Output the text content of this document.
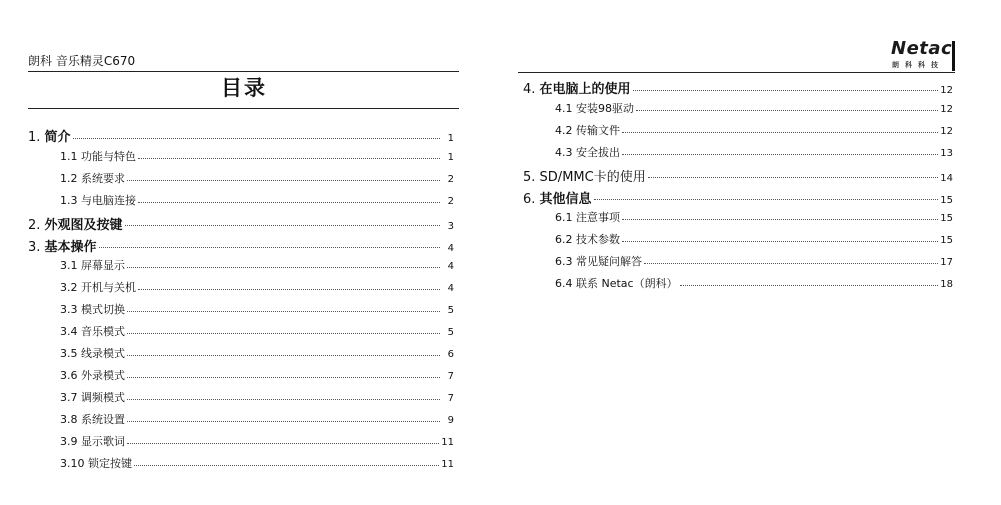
朗科 音乐精灵C670
目录
Netac
朗科科技
1. 简介	1
1.1 功能与特色	1
1.2 系统要求	2
1.3 与电脑连接	2
2. 外观图及按键	3
3. 基本操作	4
3.1 屏幕显示	4
3.2 开机与关机	4
3.3 模式切换	5
3.4 音乐模式	5
3.5 线录模式	6
3.6 外录模式	7
3.7 调频模式	7
3.8 系统设置	9
3.9 显示歌词	11
3.10 锁定按键	11
4. 在电脑上的使用	12
4.1 安装98驱动	12
4.2 传输文件	12
4.3 安全拔出	13
5. SD/MMC卡的使用	14
6. 其他信息	15
6.1 注意事项	15
6.2 技术参数	15
6.3 常见疑问解答	17
6.4 联系 Netac（朗科）	18
